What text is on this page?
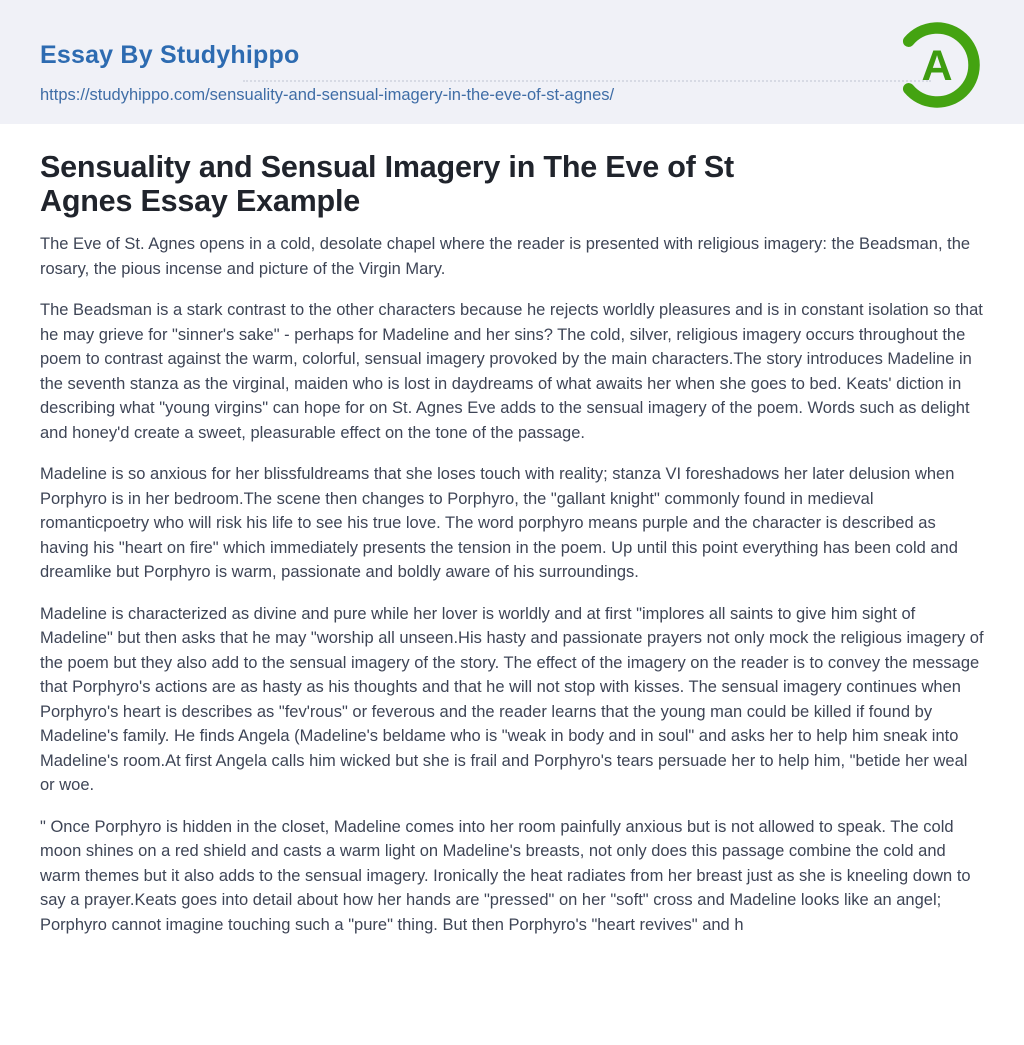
Essay By Studyhippo
https://studyhippo.com/sensuality-and-sensual-imagery-in-the-eve-of-st-agnes/
A
Sensuality and Sensual Imagery in The Eve of St
Agnes Essay Example

The Eve of St. Agnes opens in a cold, desolate chapel where the reader is presented with religious imagery: the Beadsman, the rosary, the pious incense and picture of the Virgin Mary.

The Beadsman is a stark contrast to the other characters because he rejects worldly pleasures and is in constant isolation so that he may grieve for "sinner's sake" - perhaps for Madeline and her sins? The cold, silver, religious imagery occurs throughout the poem to contrast against the warm, colorful, sensual imagery provoked by the main characters.The story introduces Madeline in the seventh stanza as the virginal, maiden who is lost in daydreams of what awaits her when she goes to bed. Keats' diction in describing what "young virgins" can hope for on St. Agnes Eve adds to the sensual imagery of the poem. Words such as delight and honey'd create a sweet, pleasurable effect on the tone of the passage.

Madeline is so anxious for her blissfuldreams that she loses touch with reality; stanza VI foreshadows her later delusion when Porphyro is in her bedroom.The scene then changes to Porphyro, the "gallant knight" commonly found in medieval romanticpoetry who will risk his life to see his true love. The word porphyro means purple and the character is described as having his "heart on fire" which immediately presents the tension in the poem. Up until this point everything has been cold and dreamlike but Porphyro is warm, passionate and boldly aware of his surroundings.

Madeline is characterized as divine and pure while her lover is worldly and at first "implores all saints to give him sight of Madeline" but then asks that he may "worship all unseen.His hasty and passionate prayers not only mock the religious imagery of the poem but they also add to the sensual imagery of the story. The effect of the imagery on the reader is to convey the message that Porphyro's actions are as hasty as his thoughts and that he will not stop with kisses. The sensual imagery continues when Porphyro's heart is describes as "fev'rous" or feverous and the reader learns that the young man could be killed if found by Madeline's family. He finds Angela (Madeline's beldame who is "weak in body and in soul" and asks her to help him sneak into Madeline's room.At first Angela calls him wicked but she is frail and Porphyro's tears persuade her to help him, "betide her weal or woe.

" Once Porphyro is hidden in the closet, Madeline comes into her room painfully anxious but is not allowed to speak. The cold moon shines on a red shield and casts a warm light on Madeline's breasts, not only does this passage combine the cold and warm themes but it also adds to the sensual imagery. Ironically the heat radiates from her breast just as she is kneeling down to say a prayer.Keats goes into detail about how her hands are "pressed" on her "soft" cross and Madeline looks like an angel; Porphyro cannot imagine touching such a "pure" thing. But then Porphyro's "heart revives" and h
